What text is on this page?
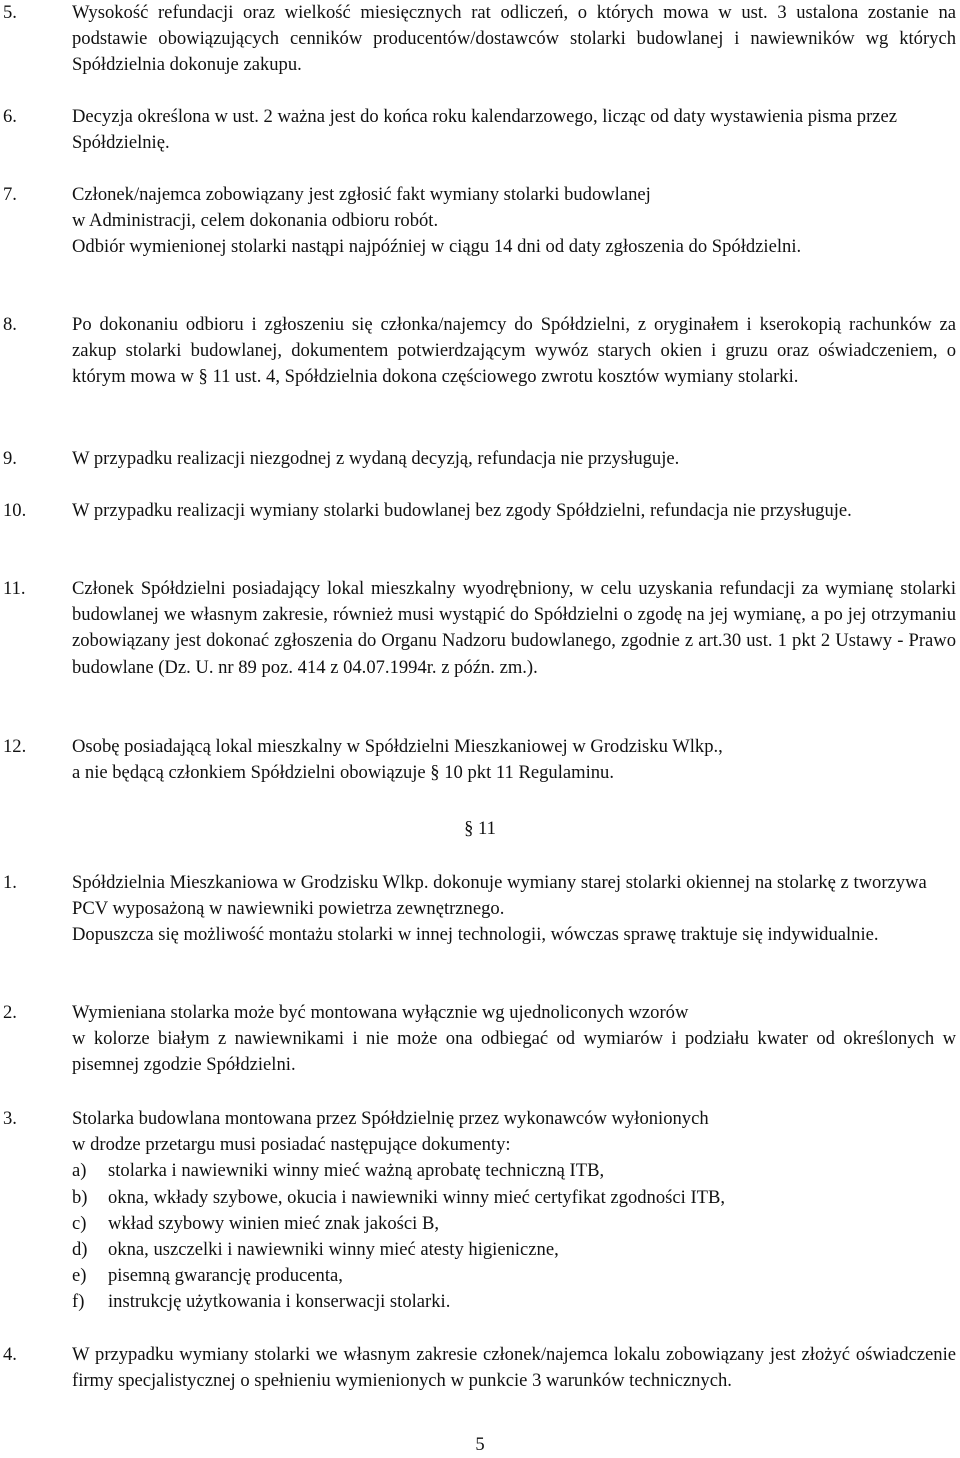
5.	Wysokość refundacji oraz wielkość miesięcznych rat odliczeń, o których mowa w ust. 3 ustalona zostanie na podstawie obowiązujących cenników producentów/dostawców stolarki budowlanej i nawiewników wg których Spółdzielnia dokonuje zakupu.

6.	Decyzja określona w ust. 2 ważna jest do końca roku kalendarzowego, licząc od daty wystawienia pisma przez Spółdzielnię.

7.	Członek/najemca zobowiązany jest zgłosić fakt wymiany stolarki budowlanej

w Administracji, celem dokonania odbioru robót.

Odbiór wymienionej stolarki nastąpi najpóźniej w ciągu 14 dni od daty zgłoszenia do Spółdzielni.

8.	Po dokonaniu odbioru i zgłoszeniu się członka/najemcy do Spółdzielni, z oryginałem i kserokopią rachunków za zakup stolarki budowlanej, dokumentem potwierdzającym wywóz starych okien i gruzu oraz oświadczeniem, o którym mowa w § 11 ust. 4, Spółdzielnia dokona częściowego zwrotu kosztów wymiany stolarki.

9.	W przypadku realizacji niezgodnej z wydaną decyzją, refundacja nie przysługuje.

10. W przypadku realizacji wymiany stolarki budowlanej bez zgody Spółdzielni, refundacja nie przysługuje.

11. Członek Spółdzielni posiadający lokal mieszkalny wyodrębniony, w celu uzyskania refundacji za wymianę stolarki budowlanej we własnym zakresie, również musi wystąpić do Spółdzielni o zgodę na jej wymianę, a po jej otrzymaniu zobowiązany jest dokonać zgłoszenia do Organu Nadzoru budowlanego, zgodnie z art.30 ust. 1 pkt 2 Ustawy - Prawo budowlane (Dz. U. nr 89 poz. 414 z 04.07.1994r. z późn. zm.).

12. Osobę posiadającą lokal mieszkalny w Spółdzielni Mieszkaniowej w Grodzisku Wlkp.,

a nie będącą członkiem Spółdzielni obowiązuje § 10 pkt 11 Regulaminu.

§ 11
1.	Spółdzielnia Mieszkaniowa w Grodzisku Wlkp. dokonuje wymiany starej stolarki okiennej na stolarkę z tworzywa PCV wyposażoną w nawiewniki powietrza zewnętrznego.

Dopuszcza się możliwość montażu stolarki w innej technologii, wówczas sprawę traktuje się indywidualnie.

2.	Wymieniana stolarka może być montowana wyłącznie wg ujednoliconych wzorów

w kolorze białym z nawiewnikami i nie może ona odbiegać od wymiarów i podziału kwater od określonych w pisemnej zgodzie Spółdzielni.

3.	Stolarka budowlana montowana przez Spółdzielnię przez wykonawców wyłonionych

w drodze przetargu musi posiadać następujące dokumenty:

a) stolarka i nawiewniki winny mieć ważną aprobatę techniczną ITB,
b) okna, wkłady szybowe, okucia i nawiewniki winny mieć certyfikat zgodności ITB,
c) wkład szybowy winien mieć znak jakości B,
d) okna, uszczelki i nawiewniki winny mieć atesty higieniczne,
e) pisemną gwarancję producenta,
f) instrukcję użytkowania i konserwacji stolarki.
4.	W przypadku wymiany stolarki we własnym zakresie członek/najemca lokalu zobowiązany jest złożyć oświadczenie firmy specjalistycznej o spełnieniu wymienionych w punkcie 3 warunków technicznych.

5
